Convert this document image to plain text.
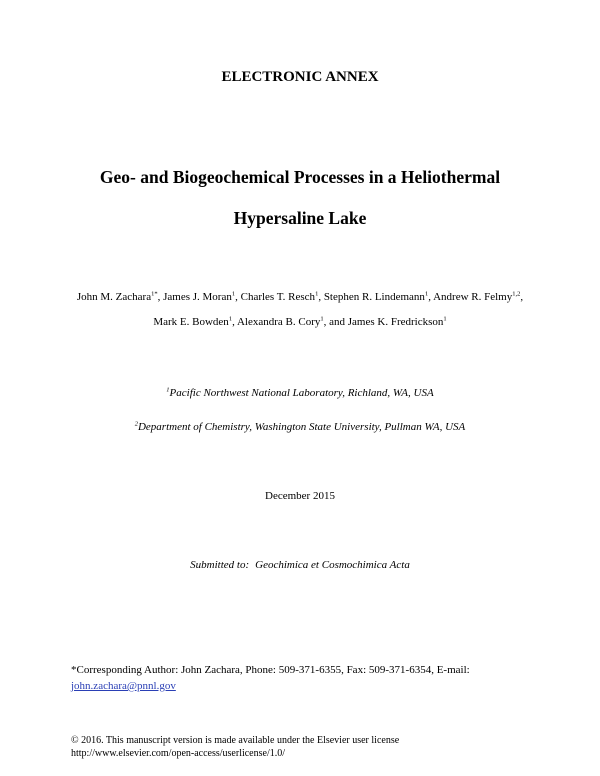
ELECTRONIC ANNEX
Geo- and Biogeochemical Processes in a Heliothermal
Hypersaline Lake
John M. Zachara$^{1*}$, James J. Moran$^1$, Charles T. Resch$^1$, Stephen R. Lindemann$^1$, Andrew R. Felmy$^{1,2}$,
Mark E. Bowden$^1$, Alexandra B. Cory$^1$, and James K. Fredrickson$^1$
$^1$Pacific Northwest National Laboratory, Richland, WA, USA
$^2$Department of Chemistry, Washington State University, Pullman WA, USA
December 2015
Submitted to: Geochimica et Cosmochimica Acta
*Corresponding Author: John Zachara, Phone: 509-371-6355, Fax: 509-371-6354, E-mail:
john.zachara@pnnl.gov
© 2016. This manuscript version is made available under the Elsevier user license
http://www.elsevier.com/open-access/userlicense/1.0/
